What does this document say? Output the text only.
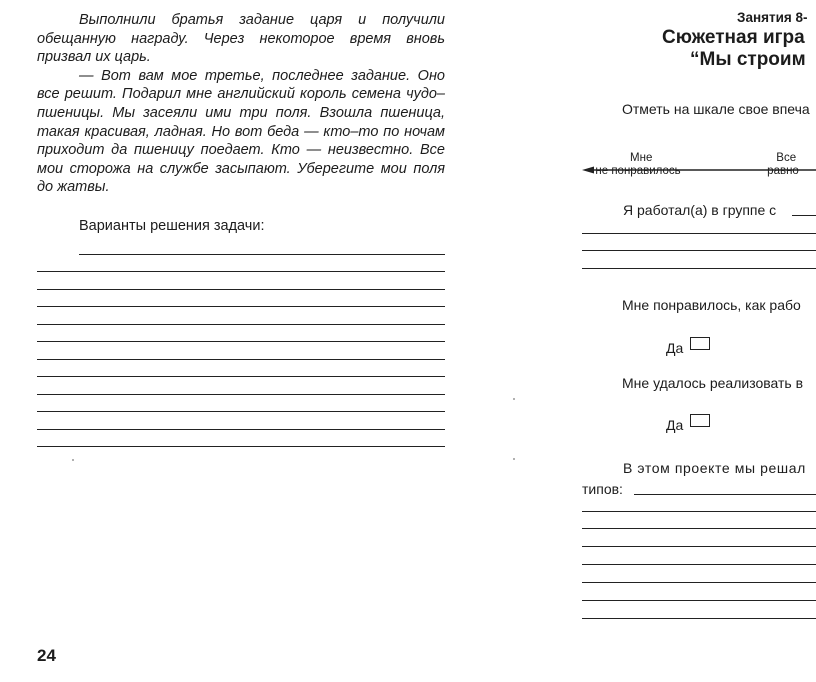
Выполнили братья задание царя и получили обещанную награду. Через некоторое время вновь призвал их царь.

— Вот вам мое третье, последнее задание. Оно все решит. Подарил мне английский король семена чудо–пшеницы. Мы засеяли ими три поля. Взошла пшеница, такая красивая, ладная. Но вот беда — кто–то по ночам приходит да пшеницу поедает. Кто — неизвестно. Все мои сторожа на службе засыпают. Уберегите мои поля до жатвы.

Варианты решения задачи:
24
Занятия 8-
Сюжетная игра
“Мы строим
Отметь на шкале свое впеча

Мне
не понравилось

Все
равно

Я работал(а) в группе с
Мне понравилось, как рабо
Да
Мне удалось реализовать в
Да
В этом проекте мы решал
типов:
